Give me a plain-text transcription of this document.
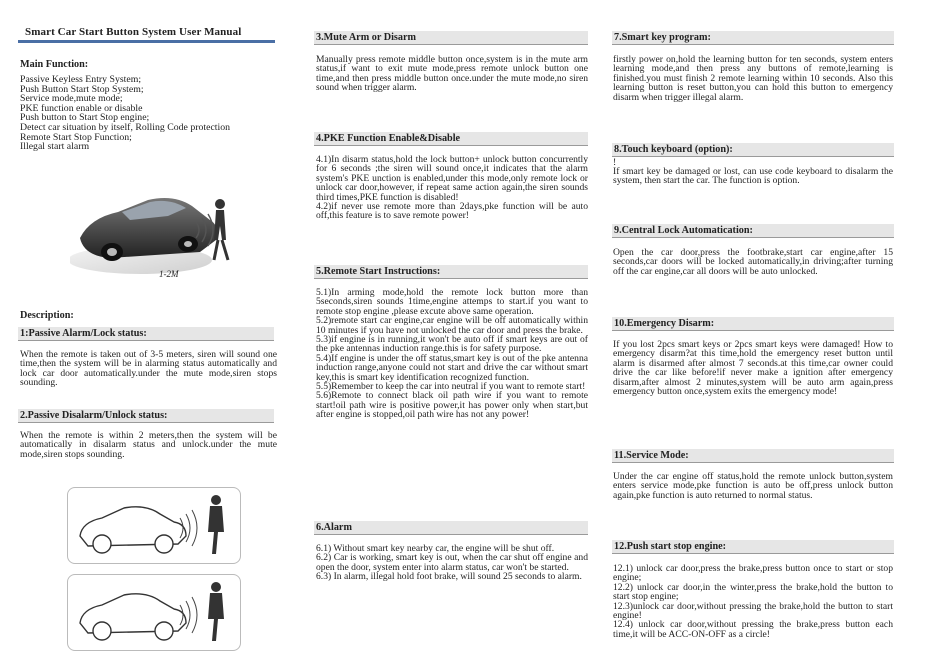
Smart Car Start Button System User Manual
Main Function:
Passive Keyless Entry System;
Push Button Start Stop System;
Service mode,mute mode;
PKE function enable or disable
Push button to Start Stop engine;
Detect car situation by itself, Rolling Code protection
Remote Start Stop Function;
Illegal start alarm
1-2M
Description:
1:Passive Alarm/Lock status:
When the remote is taken out of 3-5 meters, siren will sound one time,then the system will be in alarming status automatically and lock car door automatically.under the mute mode,siren stops sounding.
2.Passive Disalarm/Unlock status:
When the remote is within 2 meters,then the system will be automatically in disalarm status and unlock.under the mute mode,siren stops sounding.
3.Mute Arm or Disarm
Manually press remote middle button once,system is in the mute arm status,if want to exit mute mode,press remote unlock button one time,and then press middle button once.under the mute mode,no siren sound when trigger alarm.
4.PKE Function Enable&Disable
4.1)In disarm status,hold the lock button+ unlock button concurrently for 6 seconds ;the siren will sound once,it indicates that the alarm system's PKE unction is enabled,under this mode,only remote lock or unlock car door,however, if repeat same action again,the siren sounds third times,PKE function is disabled!
4.2)if never use remote more than 2days,pke function will be auto off,this feature is to save remote power!
5.Remote Start Instructions:
5.1)In arming mode,hold the remote lock button more than 5seconds,siren sounds 1time,engine attemps to start.if you want to remote stop engine ,please excute above same operation.
5.2)remote start car engine,car engine will be off automatically within 10 minutes if you have not unlocked the car door and press the brake.
5.3)if engine is in running,it won't be auto off if smart keys are out of the pke antennas induction range.this is for safety purpose.
5.4)If engine is under the off status,smart key is out of the pke antenna induction range,anyone could not start and drive the car without smart key,this is smart key identification recognized function.
5.5)Remember to keep the car into neutral if you want to remote start!
5.6)Remote to connect black oil path wire if you want to remote start!oil path wire is positive power,it has power only when start,but after engine is stopped,oil path wire has not any power!
6.Alarm
6.1) Without smart key nearby car, the engine will be shut off.
6.2) Car is working, smart key is out, when the car shut off engine and open the door, system enter into alarm status, car won't be started.
6.3) In alarm, illegal hold foot brake, will sound 25 seconds to alarm.
7.Smart key program:
firstly power on,hold the learning button for ten seconds, system enters learning mode,and then press any buttons of remote,learning is finished.you must finish 2 remote learning within 10 seconds. Also this learning button is reset button,you can hold this button to emergency disarm when trigger illegal alarm.
8.Touch keyboard (option):
!
If smart key be damaged or lost, can use code keyboard to disalarm the system, then start the car. The function is option.
9.Central Lock Automatication:
Open the car door,press the footbrake,start car engine,after 15 seconds,car doors will be locked automatically,in driving;after turning off the car engine,car all doors will be auto unlocked.
10.Emergency Disarm:
If you lost 2pcs smart keys or 2pcs smart keys were damaged! How to emergency disarm?at this time,hold the emergency reset button until alarm is disarmed after almost 7 seconds.at this time,car owner could drive the car like before!if never make a ignition after emergency disarm,after almost 2 minutes,system will be auto arm again,press emergency button once,system exits the emergency mode!
11.Service Mode:
Under the car engine off status,hold the remote unlock button,system enters service mode,pke function is auto be off,press unlock button again,pke function is auto returned to normal status.
12.Push start stop engine:
12.1) unlock car door,press the brake,press button once to start or stop engine;
12.2) unlock car door,in the winter,press the brake,hold the button to start stop engine;
12.3)unlock car door,without pressing the brake,hold the button to start engine!
12.4) unlock car door,without pressing the brake,press button each time,it will be ACC-ON-OFF as a circle!
